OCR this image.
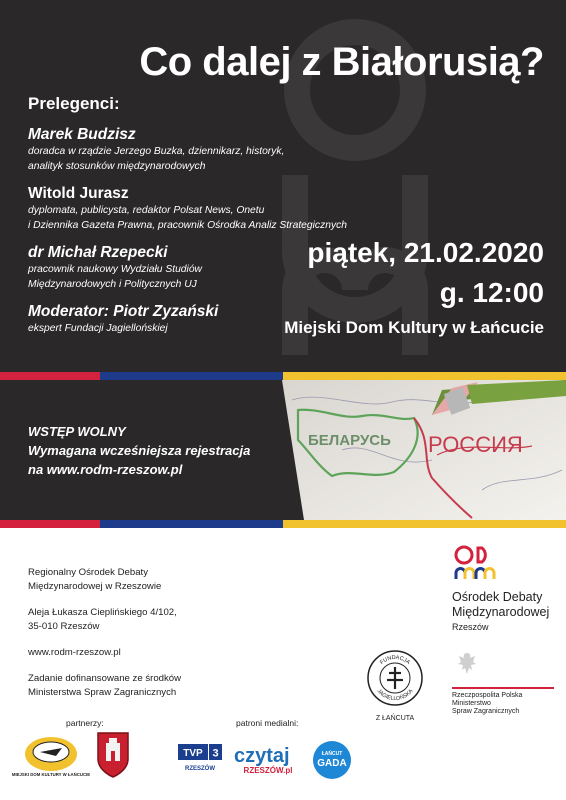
Co dalej z Białorusią?
Prelegenci:
Marek Budzisz
doradca w rządzie Jerzego Buzka, dziennikarz, historyk,
analityk stosunków międzynarodowych
Witold Jurasz
dyplomata, publicysta, redaktor Polsat News, Onetu
i Dziennika Gazeta Prawna, pracownik Ośrodka Analiz Strategicznych
dr Michał Rzepecki
pracownik naukowy Wydziału Studiów
Międzynarodowych i Politycznych UJ
Moderator: Piotr Zyzański
ekspert Fundacji Jagiellońskiej
piątek, 21.02.2020
g. 12:00
Miejski Dom Kultury w Łańcucie
WSTĘP WOLNY
Wymagana wcześniejsza rejestracja
na www.rodm-rzeszow.pl
БЕЛАРУСЬ РОССИЯ

Regionalny Ośrodek Debaty
Międzynarodowej w Rzeszowie

Aleja Łukasza Cieplińskiego 4/102,
35-010 Rzeszów

www.rodm-rzeszow.pl

Zadanie dofinansowane ze środków
Ministerstwa Spraw Zagranicznych

Ośrodek Debaty
Międzynarodowej
Rzeszów
FUNDACJA
JAGIELLOŃSKA
Z ŁAŃCUTA
Rzeczpospolita Polska
Ministerstwo
Spraw Zagranicznych
partnerzy:	patroni medialni:
MIEJSKI DOM KULTURY W ŁAŃCUCIE
TVP 3
RZESZÓW
czytaj
RZESZÓW.pl
ŁAŃCUT
GADA
